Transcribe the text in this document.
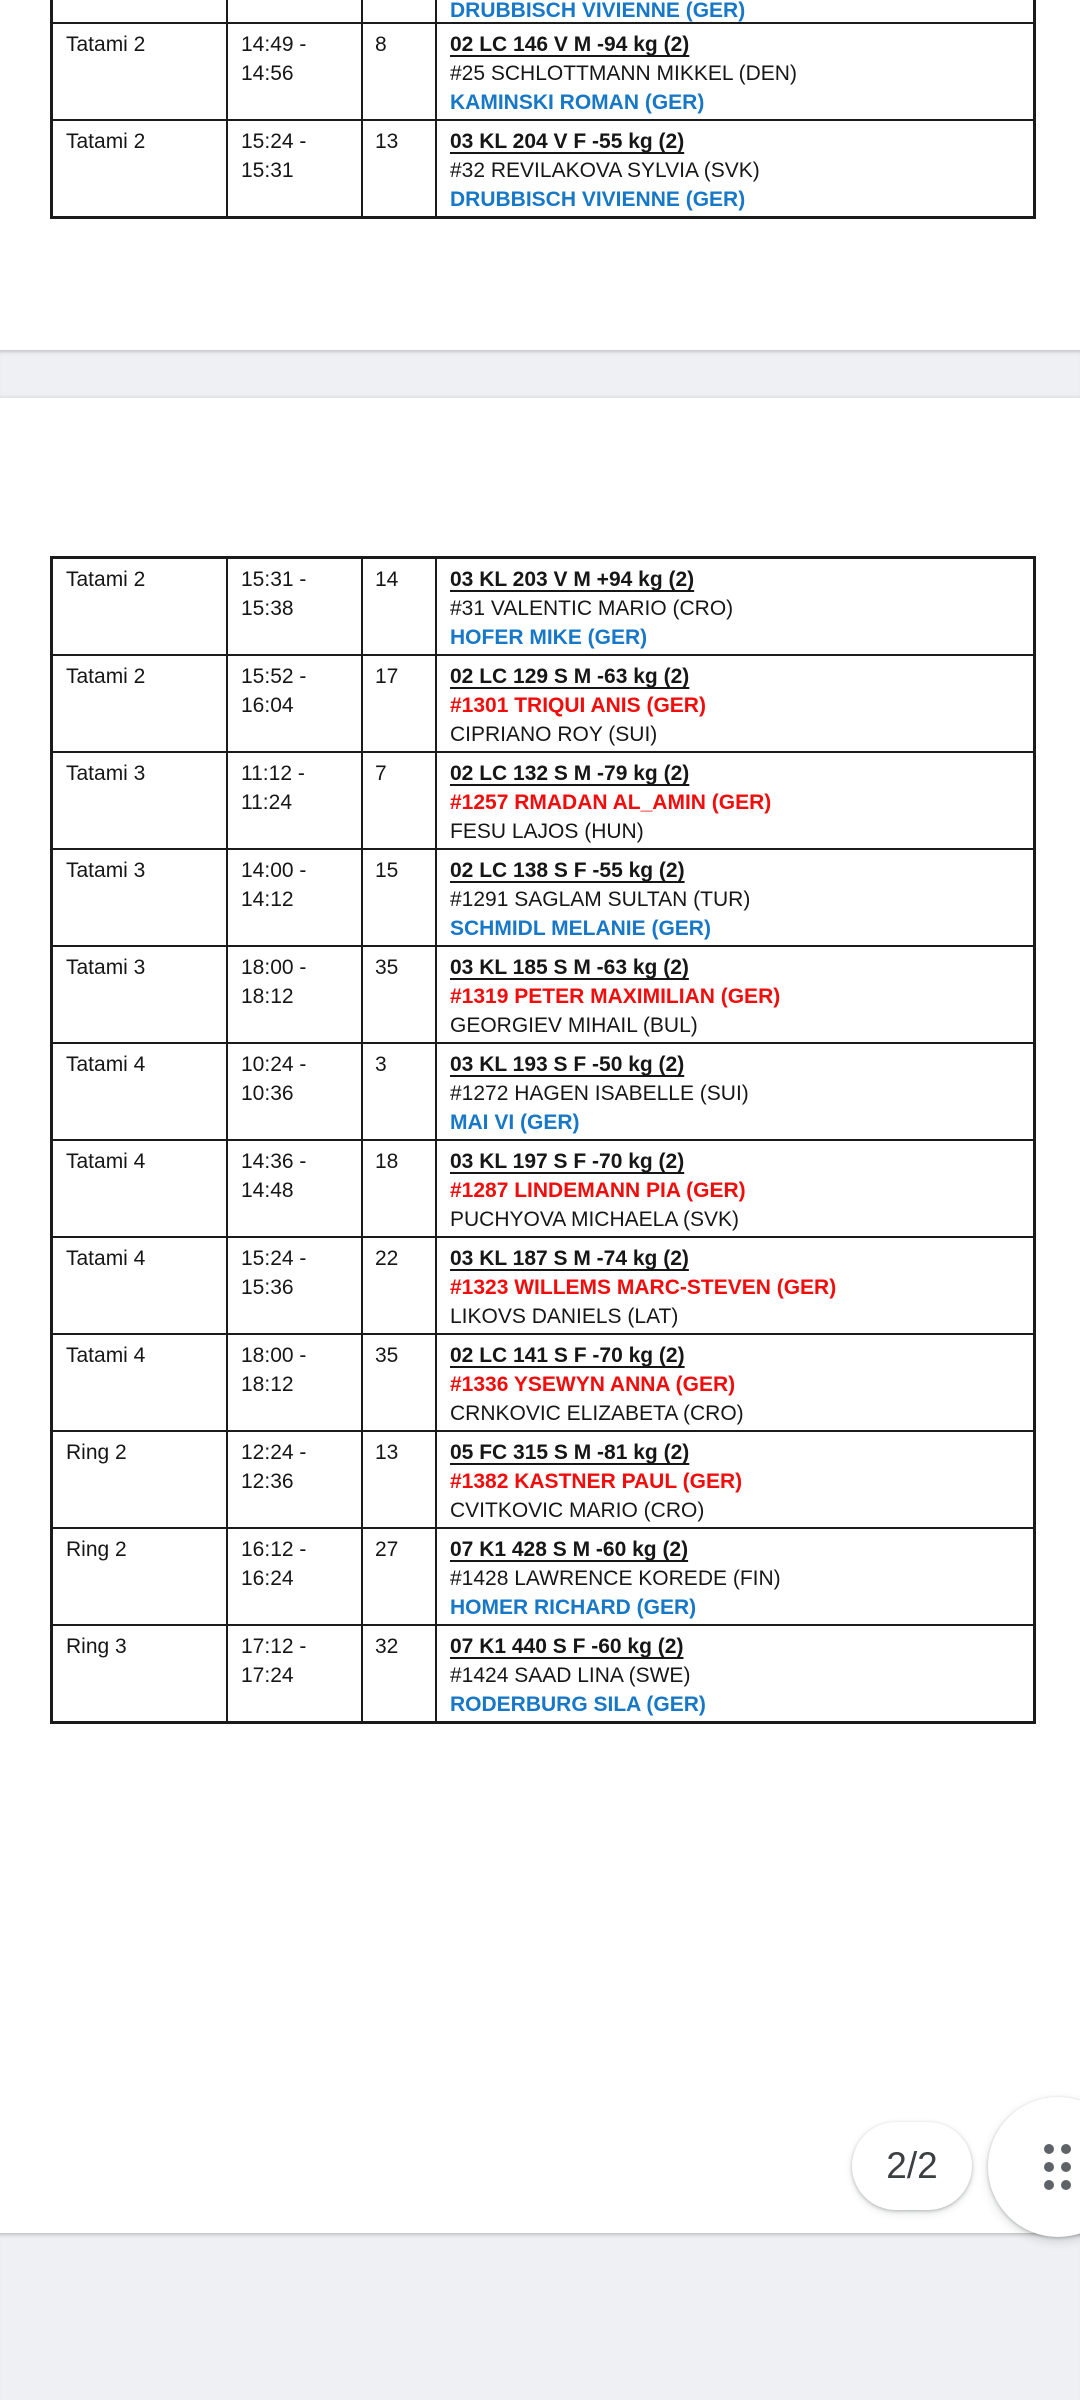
DRUBBISCH VIVIENNE (GER)
Tatami 2	14:49 -
14:56
8	02 LC 146 V M -94 kg (2)
#25 SCHLOTTMANN MIKKEL (DEN)
KAMINSKI ROMAN (GER)
Tatami 2	15:24 -
15:31
13	03 KL 204 V F -55 kg (2)
#32 REVILAKOVA SYLVIA (SVK)
DRUBBISCH VIVIENNE (GER)
Tatami 2	15:31 -
15:38
14	03 KL 203 V M +94 kg (2)
#31 VALENTIC MARIO (CRO)
HOFER MIKE (GER)
Tatami 2	15:52 -
16:04
17	02 LC 129 S M -63 kg (2)
#1301 TRIQUI ANIS (GER)
CIPRIANO ROY (SUI)
Tatami 3	11:12 -
11:24
7	02 LC 132 S M -79 kg (2)
#1257 RMADAN AL_AMIN (GER)
FESU LAJOS (HUN)
Tatami 3	14:00 -
14:12
15	02 LC 138 S F -55 kg (2)
#1291 SAGLAM SULTAN (TUR)
SCHMIDL MELANIE (GER)
Tatami 3	18:00 -
18:12
35	03 KL 185 S M -63 kg (2)
#1319 PETER MAXIMILIAN (GER)
GEORGIEV MIHAIL (BUL)
Tatami 4	10:24 -
10:36
3	03 KL 193 S F -50 kg (2)
#1272 HAGEN ISABELLE (SUI)
MAI VI (GER)
Tatami 4	14:36 -
14:48
18	03 KL 197 S F -70 kg (2)
#1287 LINDEMANN PIA (GER)
PUCHYOVA MICHAELA (SVK)
Tatami 4	15:24 -
15:36
22	03 KL 187 S M -74 kg (2)
#1323 WILLEMS MARC-STEVEN (GER)
LIKOVS DANIELS (LAT)
Tatami 4	18:00 -
18:12
35	02 LC 141 S F -70 kg (2)
#1336 YSEWYN ANNA (GER)
CRNKOVIC ELIZABETA (CRO)
Ring 2	12:24 -
12:36
13	05 FC 315 S M -81 kg (2)
#1382 KASTNER PAUL (GER)
CVITKOVIC MARIO (CRO)
Ring 2	16:12 -
16:24
27	07 K1 428 S M -60 kg (2)
#1428 LAWRENCE KOREDE (FIN)
HOMER RICHARD (GER)
Ring 3	17:12 -
17:24
32	07 K1 440 S F -60 kg (2)
#1424 SAAD LINA (SWE)
RODERBURG SILA (GER)
2/2
